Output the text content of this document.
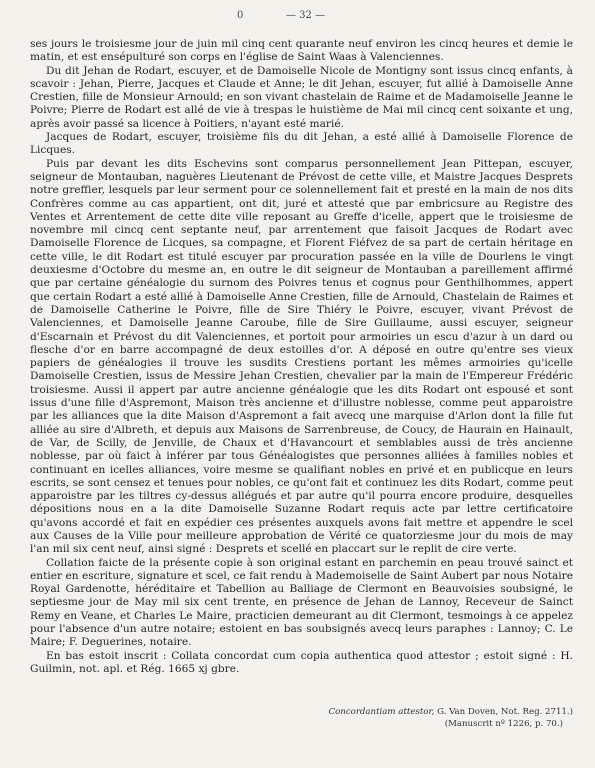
0	— 32 —

ses jours le troisiesme jour de juin mil cinq cent quarante neuf environ les cincq heures et demie le matin, et est ensépulturé son corps en l'église de Saint Waas à Valenciennes.

Du dit Jehan de Rodart, escuyer, et de Damoiselle Nicole de Montigny sont issus cincq enfants, à scavoir : Jehan, Pierre, Jacques et Claude et Anne; le dit Jehan, escuyer, fut allié à Damoiselle Anne Crestien, fille de Monsieur Arnould; en son vivant chastelain de Raime et de Madamoiselle Jeanne le Poivre; Pierre de Rodart est allé de vie à trespas le huistième de Mai mil cincq cent soixante et ung, après avoir passé sa licence à Poitiers, n'ayant esté marié.

Jacques de Rodart, escuyer, troisième fils du dit Jehan, a esté allié à Damoiselle Florence de Licques.

Puis par devant les dits Eschevins sont comparus personnellement Jean Pittepan, escuyer, seigneur de Montauban, naguères Lieutenant de Prévost de cette ville, et Maistre Jacques Desprets notre greffier, lesquels par leur serment pour ce solennellement fait et presté en la main de nos dits Confrères comme au cas appartient, ont dit, juré et attesté que par embricsure au Registre des Ventes et Arrentement de cette dite ville reposant au Greffe d'icelle, appert que le troisiesme de novembre mil cincq cent septante neuf, par arrentement que faisoit Jacques de Rodart avec Damoiselle Florence de Licques, sa compagne, et Florent Fiéfvez de sa part de certain héritage en cette ville, le dit Rodart est titulé escuyer par procuration passée en la ville de Dourlens le vingt deuxiesme d'Octobre du mesme an, en outre le dit seigneur de Montauban a pareillement affirmé que par certaine généalogie du surnom des Poivres tenus et cognus pour Genthilhommes, appert que certain Rodart a esté allié à Damoiselle Anne Crestien, fille de Arnould, Chastelain de Raimes et de Damoiselle Catherine le Poivre, fille de Sire Thiéry le Poivre, escuyer, vivant Prévost de Valenciennes, et Damoiselle Jeanne Caroube, fille de Sire Guillaume, aussi escuyer, seigneur d'Escarnain et Prévost du dit Valenciennes, et portoit pour armoiries un escu d'azur à un dard ou flesche d'or en barre accompagné de deux estoilles d'or. A déposé en outre qu'entre ses vieux papiers de généalogies il trouve les susdits Crestiens portant les mêmes armoiries qu'icelle Damoiselle Crestien, issus de Messire Jehan Crestien, chevalier par la main de l'Empereur Frédéric troisiesme. Aussi il appert par autre ancienne généalogie que les dits Rodart ont espousé et sont issus d'une fille d'Aspremont, Maison très ancienne et d'illustre noblesse, comme peut apparoistre par les alliances que la dite Maison d'Aspremont a fait avecq une marquise d'Arlon dont la fille fut alliée au sire d'Albreth, et depuis aux Maisons de Sarrenbreuse, de Coucy, de Haurain en Hainault, de Var, de Scilly, de Jenville, de Chaux et d'Havancourt et semblables aussi de très ancienne noblesse, par où faict à inférer par tous Généalogistes que personnes alliées à familles nobles et continuant en icelles alliances, voire mesme se qualifiant nobles en privé et en publicque en leurs escrits, se sont censez et tenues pour nobles, ce qu'ont fait et continuez les dits Rodart, comme peut apparoistre par les tiltres cy-dessus allégués et par autre qu'il pourra encore produire, desquelles dépositions nous en a la dite Damoiselle Suzanne Rodart requis acte par lettre certificatoire qu'avons accordé et fait en expédier ces présentes auxquels avons fait mettre et appendre le scel aux Causes de la Ville pour meilleure approbation de Vérité ce quatorziesme jour du mois de may l'an mil six cent neuf, ainsi signé : Desprets et scellé en placcart sur le replit de cire verte.

Collation faicte de la présente copie à son original estant en parchemin en peau trouvé sainct et entier en escriture, signature et scel, ce fait rendu à Mademoiselle de Saint Aubert par nous Notaire Royal Gardenotte, héréditaire et Tabellion au Balliage de Clermont en Beauvoisies soubsigné, le septiesme jour de May mil six cent trente, en présence de Jehan de Lannoy, Receveur de Sainct Remy en Veane, et Charles Le Maire, practicien demeurant au dit Clermont, tesmoings à ce appelez pour l'absence d'un autre notaire; estoient en bas soubsignés avecq leurs paraphes : Lannoy; C. Le Maire; F. Deguerines, notaire.

En bas estoit inscrit : Collata concordat cum copia authentica quod attestor ; estoit signé : H. Guilmin, not. apl. et Rég. 1665 xj gbre.

Concordantiam attestor, G. Van Doven, Not. Reg. 2711.)
(Manuscrit nº 1226, p. 70.)
